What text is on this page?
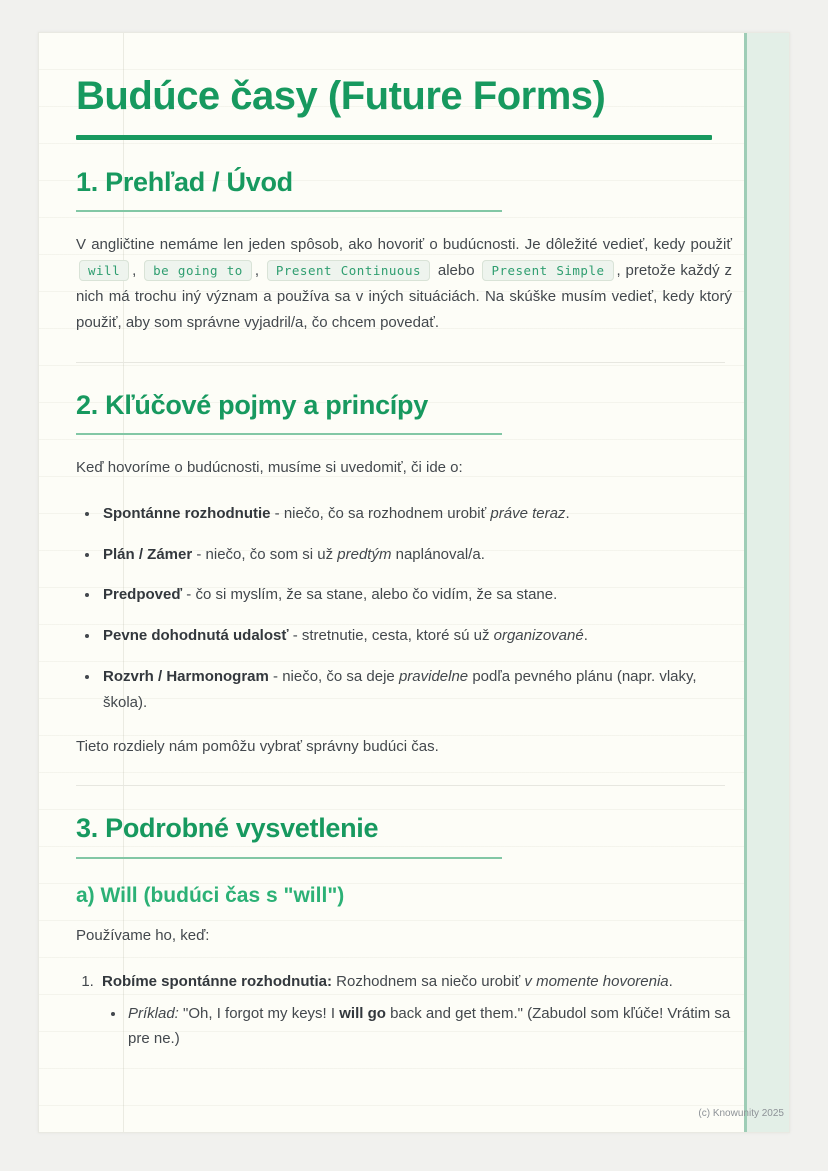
Budúce časy (Future Forms)
1. Prehľad / Úvod

V angličtine nemáme len jeden spôsob, ako hovoriť o budúcnosti. Je dôležité vedieť, kedy použiť will , be going to , Present Continuous alebo Present Simple , pretože každý z nich má trochu iný význam a používa sa v iných situáciách. Na skúške musím vedieť, kedy ktorý použiť, aby som správne vyjadril/a, čo chcem povedať.

2. Kľúčové pojmy a princípy

Keď hovoríme o budúcnosti, musíme si uvedomiť, či ide o:

• Spontánne rozhodnutie - niečo, čo sa rozhodnem urobiť práve teraz.
• Plán / Zámer - niečo, čo som si už predtým naplánoval/a.
• Predpoveď - čo si myslím, že sa stane, alebo čo vidím, že sa stane.
• Pevne dohodnutá udalosť - stretnutie, cesta, ktoré sú už organizované.
• Rozvrh / Harmonogram - niečo, čo sa deje pravidelne podľa pevného plánu (napr. vlaky, škola).

Tieto rozdiely nám pomôžu vybrať správny budúci čas.

3. Podrobné vysvetlenie
a) Will (budúci čas s "will")

Používame ho, keď:

1. Robíme spontánne rozhodnutia: Rozhodnem sa niečo urobiť v momente hovorenia.
• Príklad: "Oh, I forgot my keys! I will go back and get them." (Zabudol som kľúče! Vrátim sa pre ne.)
(c) Knowunity 2025
